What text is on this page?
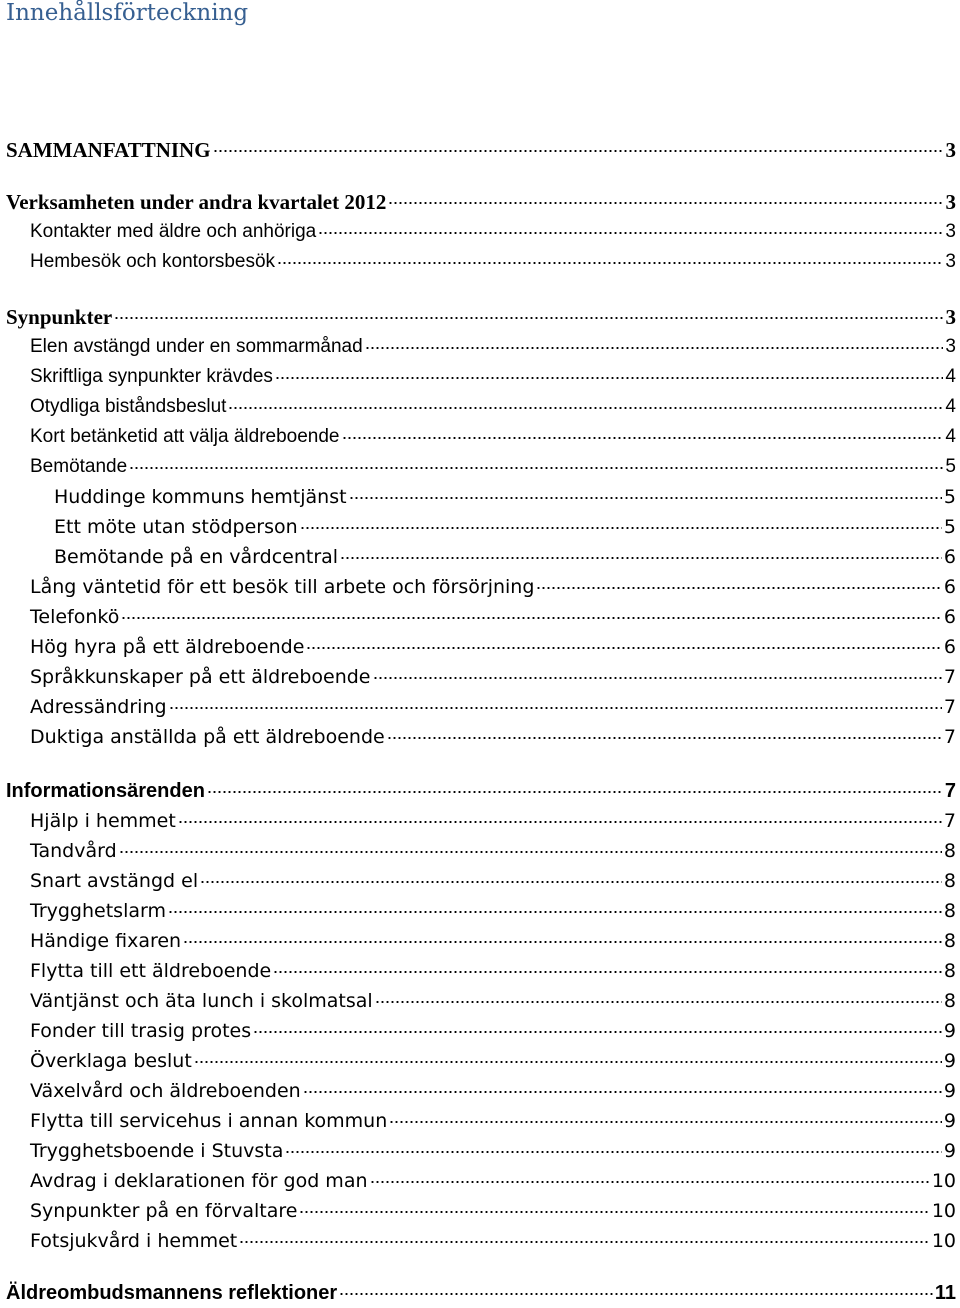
Innehållsförteckning
SAMMANFATTNING	3
Verksamheten under andra kvartalet 2012	3
Kontakter med äldre och anhöriga	3
Hembesök och kontorsbesök	3
Synpunkter	3
Elen avstängd under en sommarmånad	3
Skriftliga synpunkter krävdes	4
Otydliga biståndsbeslut	4
Kort betänketid att välja äldreboende	4
Bemötande	5
Huddinge kommuns hemtjänst	5
Ett möte utan stödperson	5
Bemötande på en vårdcentral	6
Lång väntetid för ett besök till arbete och försörjning	6
Telefonkö	6
Hög hyra på ett äldreboende	6
Språkkunskaper på ett äldreboende	7
Adressändring	7
Duktiga anställda på ett äldreboende	7
Informationsärenden	7
Hjälp i hemmet	7
Tandvård	8
Snart avstängd el	8
Trygghetslarm	8
Händige fixaren	8
Flytta till ett äldreboende	8
Väntjänst och äta lunch i skolmatsal	8
Fonder till trasig protes	9
Överklaga beslut	9
Växelvård och äldreboenden	9
Flytta till servicehus i annan kommun	9
Trygghetsboende i Stuvsta	9
Avdrag i deklarationen för god man	10
Synpunkter på en förvaltare	10
Fotsjukvård i hemmet	10
Äldreombudsmannens reflektioner	11
